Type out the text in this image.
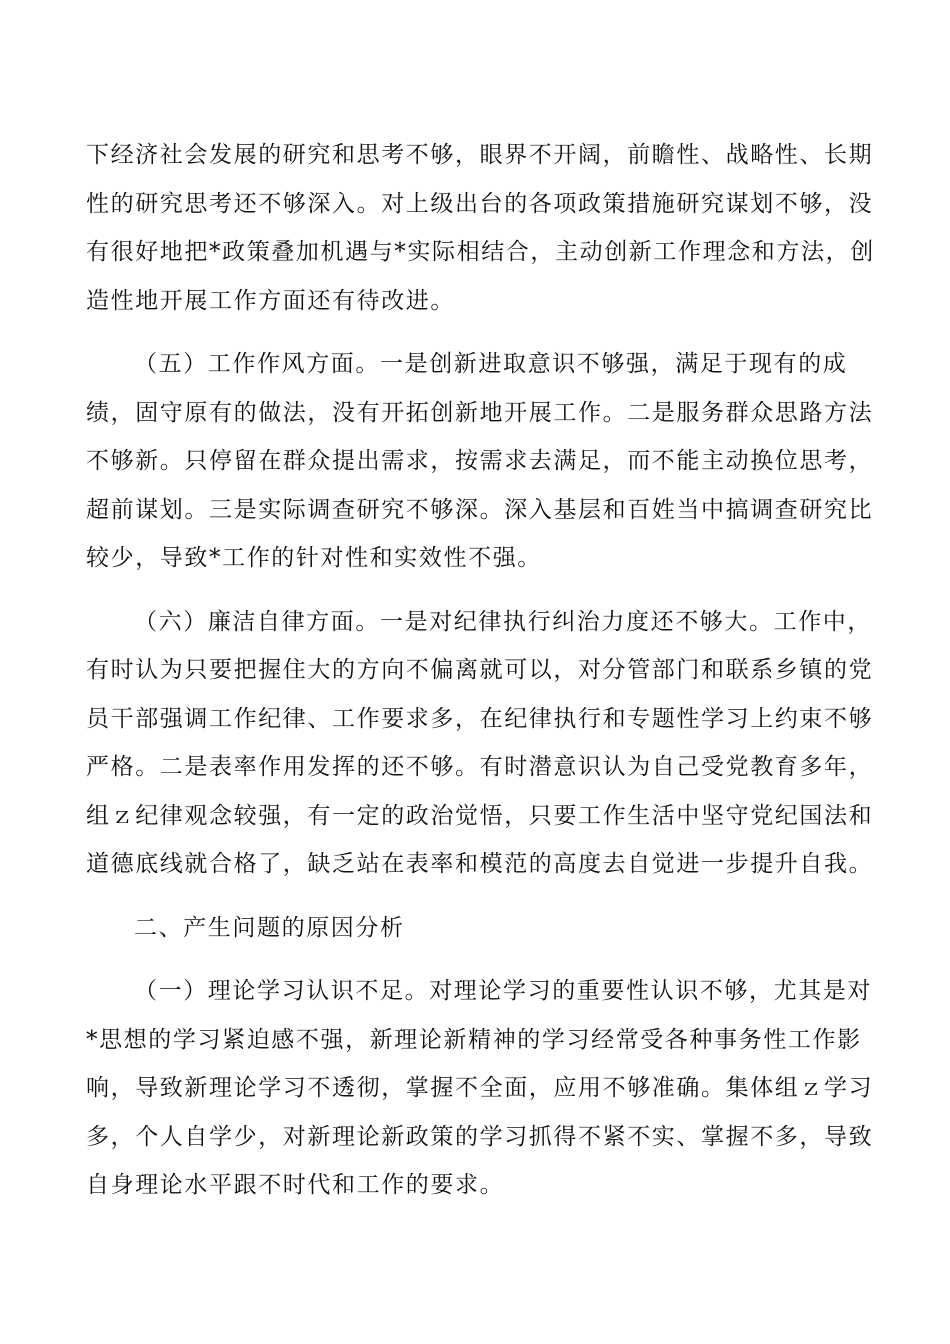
下经济社会发展的研究和思考不够，眼界不开阔，前瞻性、战略性、长期
性的研究思考还不够深入。对上级出台的各项政策措施研究谋划不够，没
有很好地把*政策叠加机遇与*实际相结合，主动创新工作理念和方法，创
造性地开展工作方面还有待改进。

（五）工作作风方面。一是创新进取意识不够强，满足于现有的成
绩，固守原有的做法，没有开拓创新地开展工作。二是服务群众思路方法
不够新。只停留在群众提出需求，按需求去满足，而不能主动换位思考，
超前谋划。三是实际调查研究不够深。深入基层和百姓当中搞调查研究比
较少，导致*工作的针对性和实效性不强。

（六）廉洁自律方面。一是对纪律执行纠治力度还不够大。工作中，
有时认为只要把握住大的方向不偏离就可以，对分管部门和联系乡镇的党
员干部强调工作纪律、工作要求多，在纪律执行和专题性学习上约束不够
严格。二是表率作用发挥的还不够。有时潜意识认为自己受党教育多年，
组ｚ纪律观念较强，有一定的政治觉悟，只要工作生活中坚守党纪国法和
道德底线就合格了，缺乏站在表率和模范的高度去自觉进一步提升自我。

二、产生问题的原因分析

（一）理论学习认识不足。对理论学习的重要性认识不够，尤其是对
*思想的学习紧迫感不强，新理论新精神的学习经常受各种事务性工作影
响，导致新理论学习不透彻，掌握不全面，应用不够准确。集体组ｚ学习
多，个人自学少，对新理论新政策的学习抓得不紧不实、掌握不多，导致
自身理论水平跟不时代和工作的要求。
